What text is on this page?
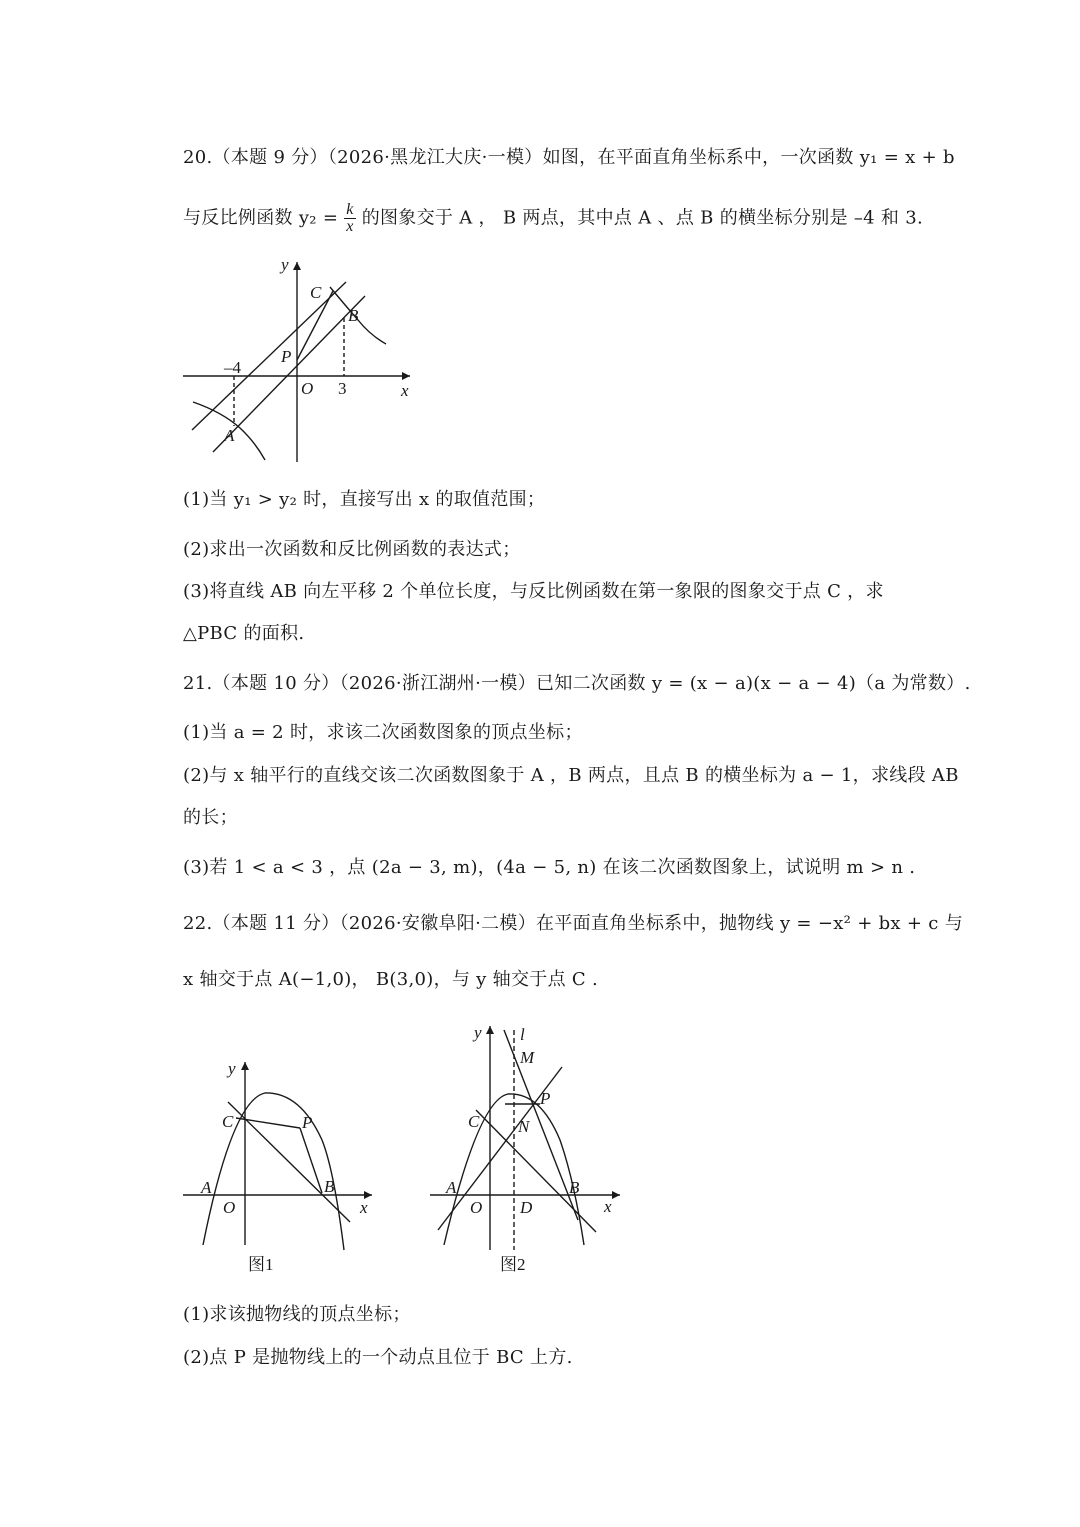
20.（本题 9 分）（2026·黑龙江大庆·一模）如图，在平面直角坐标系中，一次函数 y₁ = x + b
与反比例函数 $y_2 = \frac{k}{x}$ 的图象交于 A ， B 两点，其中点 A 、点 B 的横坐标分别是 –4 和 3.
y
x
O
–4
3
A
B
C
P
(1)当 y₁ > y₂ 时，直接写出 x 的取值范围；
(2)求出一次函数和反比例函数的表达式；
(3)将直线 AB 向左平移 2 个单位长度，与反比例函数在第一象限的图象交于点 C ，求
△PBC 的面积.
21.（本题 10 分）（2026·浙江湖州·一模）已知二次函数 y = (x − a)(x − a − 4)（a 为常数）.
(1)当 a = 2 时，求该二次函数图象的顶点坐标；
(2)与 x 轴平行的直线交该二次函数图象于 A ，B 两点，且点 B 的横坐标为 a − 1，求线段 AB
的长；
(3)若 1 < a < 3 ，点 (2a − 3, m)，(4a − 5, n) 在该二次函数图象上，试说明 m > n .
22.（本题 11 分）（2026·安徽阜阳·二模）在平面直角坐标系中，抛物线 y = −x² + bx + c 与
x 轴交于点 A(−1,0)， B(3,0)，与 y 轴交于点 C .
y
x
O
A	B
C	P
图1
y
x
O
A	B
C
P
D
M
N
l
图2
(1)求该抛物线的顶点坐标；
(2)点 P 是抛物线上的一个动点且位于 BC 上方.
